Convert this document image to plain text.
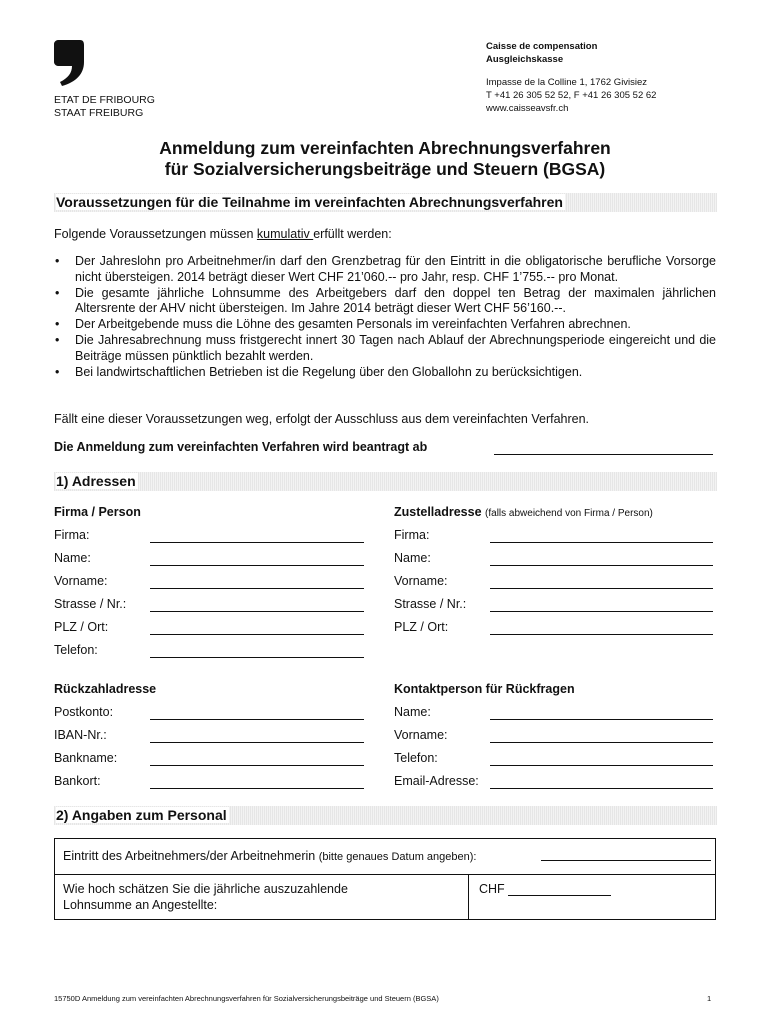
ETAT DE FRIBOURG
STAAT FREIBURG
Caisse de compensation
Ausgleichskasse
Impasse de la Colline 1, 1762 Givisiez
T +41 26 305 52 52, F +41 26 305 52 62
www.caisseavsfr.ch
Anmeldung zum vereinfachten Abrechnungsverfahren
für Sozialversicherungsbeiträge und Steuern (BGSA)
Voraussetzungen für die Teilnahme im vereinfachten Abrechnungsverfahren
Folgende Voraussetzungen müssen kumulativ erfüllt werden:
• Der Jahreslohn pro Arbeitnehmer/in darf den Grenzbetrag für den Eintritt in die obligatorische berufliche Vorsorge nicht übersteigen. 2014 beträgt dieser Wert CHF 21’060.-- pro Jahr, resp. CHF 1’755.-- pro Monat.
• Die gesamte jährliche Lohnsumme des Arbeitgebers darf den doppel ten Betrag der maximalen jährlichen Altersrente der AHV nicht übersteigen. Im Jahre 2014 beträgt dieser Wert CHF 56’160.--.
• Der Arbeitgebende muss die Löhne des gesamten Personals im vereinfachten Verfahren abrechnen.
• Die Jahresabrechnung muss fristgerecht innert 30 Tagen nach Ablauf der Abrechnungsperiode eingereicht und die Beiträge müssen pünktlich bezahlt werden.
• Bei landwirtschaftlichen Betrieben ist die Regelung über den Globallohn zu berücksichtigen.
Fällt eine dieser Voraussetzungen weg, erfolgt der Ausschluss aus dem vereinfachten Verfahren.
Die Anmeldung zum vereinfachten Verfahren wird beantragt ab
1) Adressen
Firma / Person	Zustelladresse (falls abweichend von Firma / Person)
Firma:
Name:
Vorname:
Strasse / Nr.:
PLZ / Ort:
Telefon:
Firma:
Name:
Vorname:
Strasse / Nr.:
PLZ / Ort:
Rückzahladresse	Kontaktperson für Rückfragen
Postkonto:
IBAN-Nr.:
Bankname:
Bankort:
Name:
Vorname:
Telefon:
Email-Adresse:
2) Angaben zum Personal
Eintritt des Arbeitnehmers/der Arbeitnehmerin (bitte genaues Datum angeben):
Wie hoch schätzen Sie die jährliche auszuzahlende
Lohnsumme an Angestellte:
CHF
15750D Anmeldung zum vereinfachten Abrechnungsverfahren für Sozialversicherungsbeiträge und Steuern (BGSA)	1
